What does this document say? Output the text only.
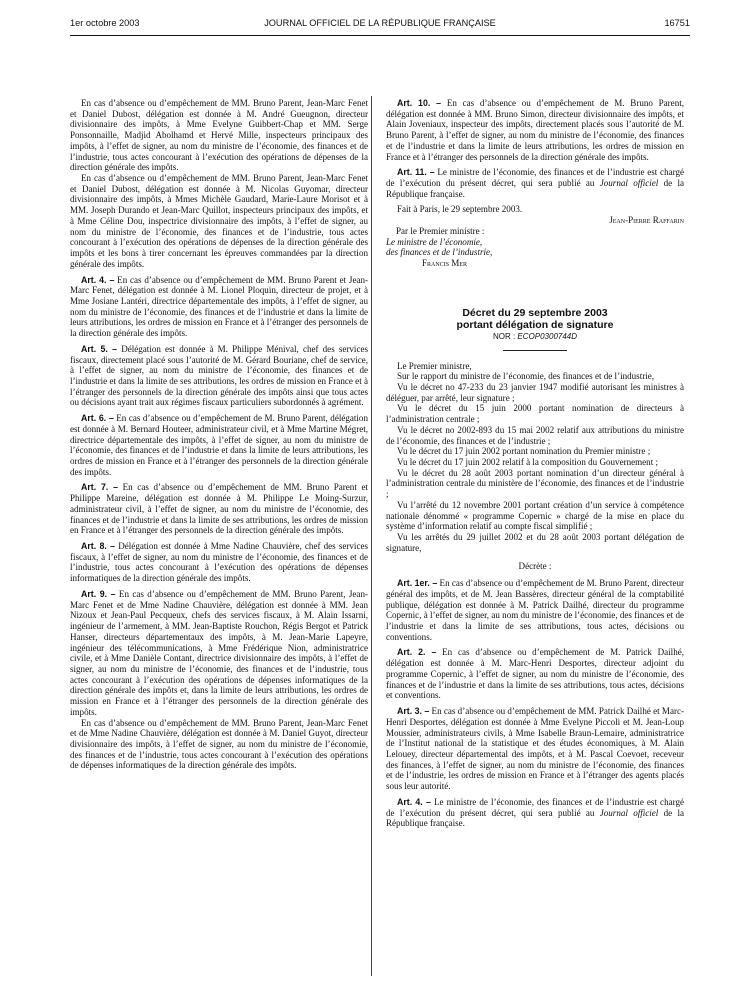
1er octobre 2003	JOURNAL OFFICIEL DE LA RÉPUBLIQUE FRANÇAISE	16751

En cas d’absence ou d’empêchement de MM. Bruno Parent, Jean-Marc Fenet et Daniel Dubost, délégation est donnée à M. André Gueugnon, directeur divisionnaire des impôts, à Mme Evelyne Guibbert-Chap et MM. Serge Ponsonnaille, Madjid Abolhamd et Hervé Mille, inspecteurs principaux des impôts, à l’effet de signer, au nom du ministre de l’économie, des finances et de l’industrie, tous actes concourant à l’exécution des opérations de dépenses de la direction générale des impôts.

En cas d’absence ou d’empêchement de MM. Bruno Parent, Jean-Marc Fenet et Daniel Dubost, délégation est donnée à M. Nicolas Guyomar, directeur divisionnaire des impôts, à Mmes Michèle Gaudard, Marie-Laure Morisot et à MM. Joseph Durando et Jean-Marc Quillot, inspecteurs principaux des impôts, et à Mme Céline Dou, inspectrice divisionnaire des impôts, à l’effet de signer, au nom du ministre de l’économie, des finances et de l’industrie, tous actes concourant à l’exécution des opérations de dépenses de la direction générale des impôts et les bons à tirer concernant les épreuves commandées par la direction générale des impôts.

Art. 4. – En cas d’absence ou d’empêchement de MM. Bruno Parent et Jean-Marc Fenet, délégation est donnée à M. Lionel Ploquin, directeur de projet, et à Mme Josiane Lantéri, directrice départementale des impôts, à l’effet de signer, au nom du ministre de l’économie, des finances et de l’industrie et dans la limite de leurs attributions, les ordres de mission en France et à l’étranger des personnels de la direction générale des impôts.

Art. 5. – Délégation est donnée à M. Philippe Ménival, chef des services fiscaux, directement placé sous l’autorité de M. Gérard Bouriane, chef de service, à l’effet de signer, au nom du ministre de l’économie, des finances et de l’industrie et dans la limite de ses attributions, les ordres de mission en France et à l’étranger des personnels de la direction générale des impôts ainsi que tous actes ou décisions ayant trait aux régimes fiscaux particuliers subordonnés à agrément.

Art. 6. – En cas d’absence ou d’empêchement de M. Bruno Parent, délégation est donnée à M. Bernard Houteer, administrateur civil, et à Mme Martine Mégret, directrice départementale des impôts, à l’effet de signer, au nom du ministre de l’économie, des finances et de l’industrie et dans la limite de leurs attributions, les ordres de mission en France et à l’étranger des personnels de la direction générale des impôts.

Art. 7. – En cas d’absence ou d’empêchement de MM. Bruno Parent et Philippe Mareine, délégation est donnée à M. Philippe Le Moing-Surzur, administrateur civil, à l’effet de signer, au nom du ministre de l’économie, des finances et de l’industrie et dans la limite de ses attributions, les ordres de mission en France et à l’étranger des personnels de la direction générale des impôts.

Art. 8. – Délégation est donnée à Mme Nadine Chauvière, chef des services fiscaux, à l’effet de signer, au nom du ministre de l’économie, des finances et de l’industrie, tous actes concourant à l’exécution des opérations de dépenses informatiques de la direction générale des impôts.

Art. 9. – En cas d’absence ou d’empêchement de MM. Bruno Parent, Jean-Marc Fenet et de Mme Nadine Chauvière, délégation est donnée à MM. Jean Nizoux et Jean-Paul Pecqueux, chefs des services fiscaux, à M. Alain Issarni, ingénieur de l’armement, à MM. Jean-Baptiste Rouchon, Régis Bergot et Patrick Hanser, directeurs départementaux des impôts, à M. Jean-Marie Lapeyre, ingénieur des télécommunications, à Mme Frédérique Nion, administratrice civile, et à Mme Danièle Contant, directrice divisionnaire des impôts, à l’effet de signer, au nom du ministre de l’économie, des finances et de l’industrie, tous actes concourant à l’exécution des opérations de dépenses informatiques de la direction générale des impôts et, dans la limite de leurs attributions, les ordres de mission en France et à l’étranger des personnels de la direction générale des impôts.

En cas d’absence ou d’empêchement de MM. Bruno Parent, Jean-Marc Fenet et de Mme Nadine Chauvière, délégation est donnée à M. Daniel Guyot, directeur divisionnaire des impôts, à l’effet de signer, au nom du ministre de l’économie, des finances et de l’industrie, tous actes concourant à l’exécution des opérations de dépenses informatiques de la direction générale des impôts.

Art. 10. – En cas d’absence ou d’empêchement de M. Bruno Parent, délégation est donnée à MM. Bruno Simon, directeur divisionnaire des impôts, et Alain Joveniaux, inspecteur des impôts, directement placés sous l’autorité de M. Bruno Parent, à l’effet de signer, au nom du ministre de l’économie, des finances et de l’industrie et dans la limite de leurs attributions, les ordres de mission en France et à l’étranger des personnels de la direction générale des impôts.

Art. 11. – Le ministre de l’économie, des finances et de l’industrie est chargé de l’exécution du présent décret, qui sera publié au Journal officiel de la République française.

Fait à Paris, le 29 septembre 2003.

Jean-Pierre Raffarin

Par le Premier ministre :

Le ministre de l’économie,

des finances et de l’industrie,

Francis Mer

Décret du 29 septembre 2003
portant délégation de signature

NOR : ECOP0300744D

Le Premier ministre,

Sur le rapport du ministre de l’économie, des finances et de l’industrie,

Vu le décret no 47-233 du 23 janvier 1947 modifié autorisant les ministres à déléguer, par arrêté, leur signature ;

Vu le décret du 15 juin 2000 portant nomination de directeurs à l’administration centrale ;

Vu le décret no 2002-893 du 15 mai 2002 relatif aux attributions du ministre de l’économie, des finances et de l’industrie ;

Vu le décret du 17 juin 2002 portant nomination du Premier ministre ;

Vu le décret du 17 juin 2002 relatif à la composition du Gouvernement ;

Vu le décret du 28 août 2003 portant nomination d’un directeur général à l’administration centrale du ministère de l’économie, des finances et de l’industrie ;

Vu l’arrêté du 12 novembre 2001 portant création d’un service à compétence nationale dénommé « programme Copernic » chargé de la mise en place du système d’information relatif au compte fiscal simplifié ;

Vu les arrêtés du 29 juillet 2002 et du 28 août 2003 portant délégation de signature,

Décrète :

Art. 1er. – En cas d’absence ou d’empêchement de M. Bruno Parent, directeur général des impôts, et de M. Jean Bassères, directeur général de la comptabilité publique, délégation est donnée à M. Patrick Dailhé, directeur du programme Copernic, à l’effet de signer, au nom du ministre de l’économie, des finances et de l’industrie et dans la limite de ses attributions, tous actes, décisions ou conventions.

Art. 2. – En cas d’absence ou d’empêchement de M. Patrick Dailhé, délégation est donnée à M. Marc-Henri Desportes, directeur adjoint du programme Copernic, à l’effet de signer, au nom du ministre de l’économie, des finances et de l’industrie et dans la limite de ses attributions, tous actes, décisions et conventions.

Art. 3. – En cas d’absence ou d’empêchement de MM. Patrick Dailhé et Marc-Henri Desportes, délégation est donnée à Mme Evelyne Piccoli et M. Jean-Loup Moussier, administrateurs civils, à Mme Isabelle Braun-Lemaire, administratrice de l’Institut national de la statistique et des études économiques, à M. Alain Lelouey, directeur départemental des impôts, et à M. Pascal Coevoet, receveur des finances, à l’effet de signer, au nom du ministre de l’économie, des finances et de l’industrie, les ordres de mission en France et à l’étranger des agents placés sous leur autorité.

Art. 4. – Le ministre de l’économie, des finances et de l’industrie est chargé de l’exécution du présent décret, qui sera publié au Journal officiel de la République française.
